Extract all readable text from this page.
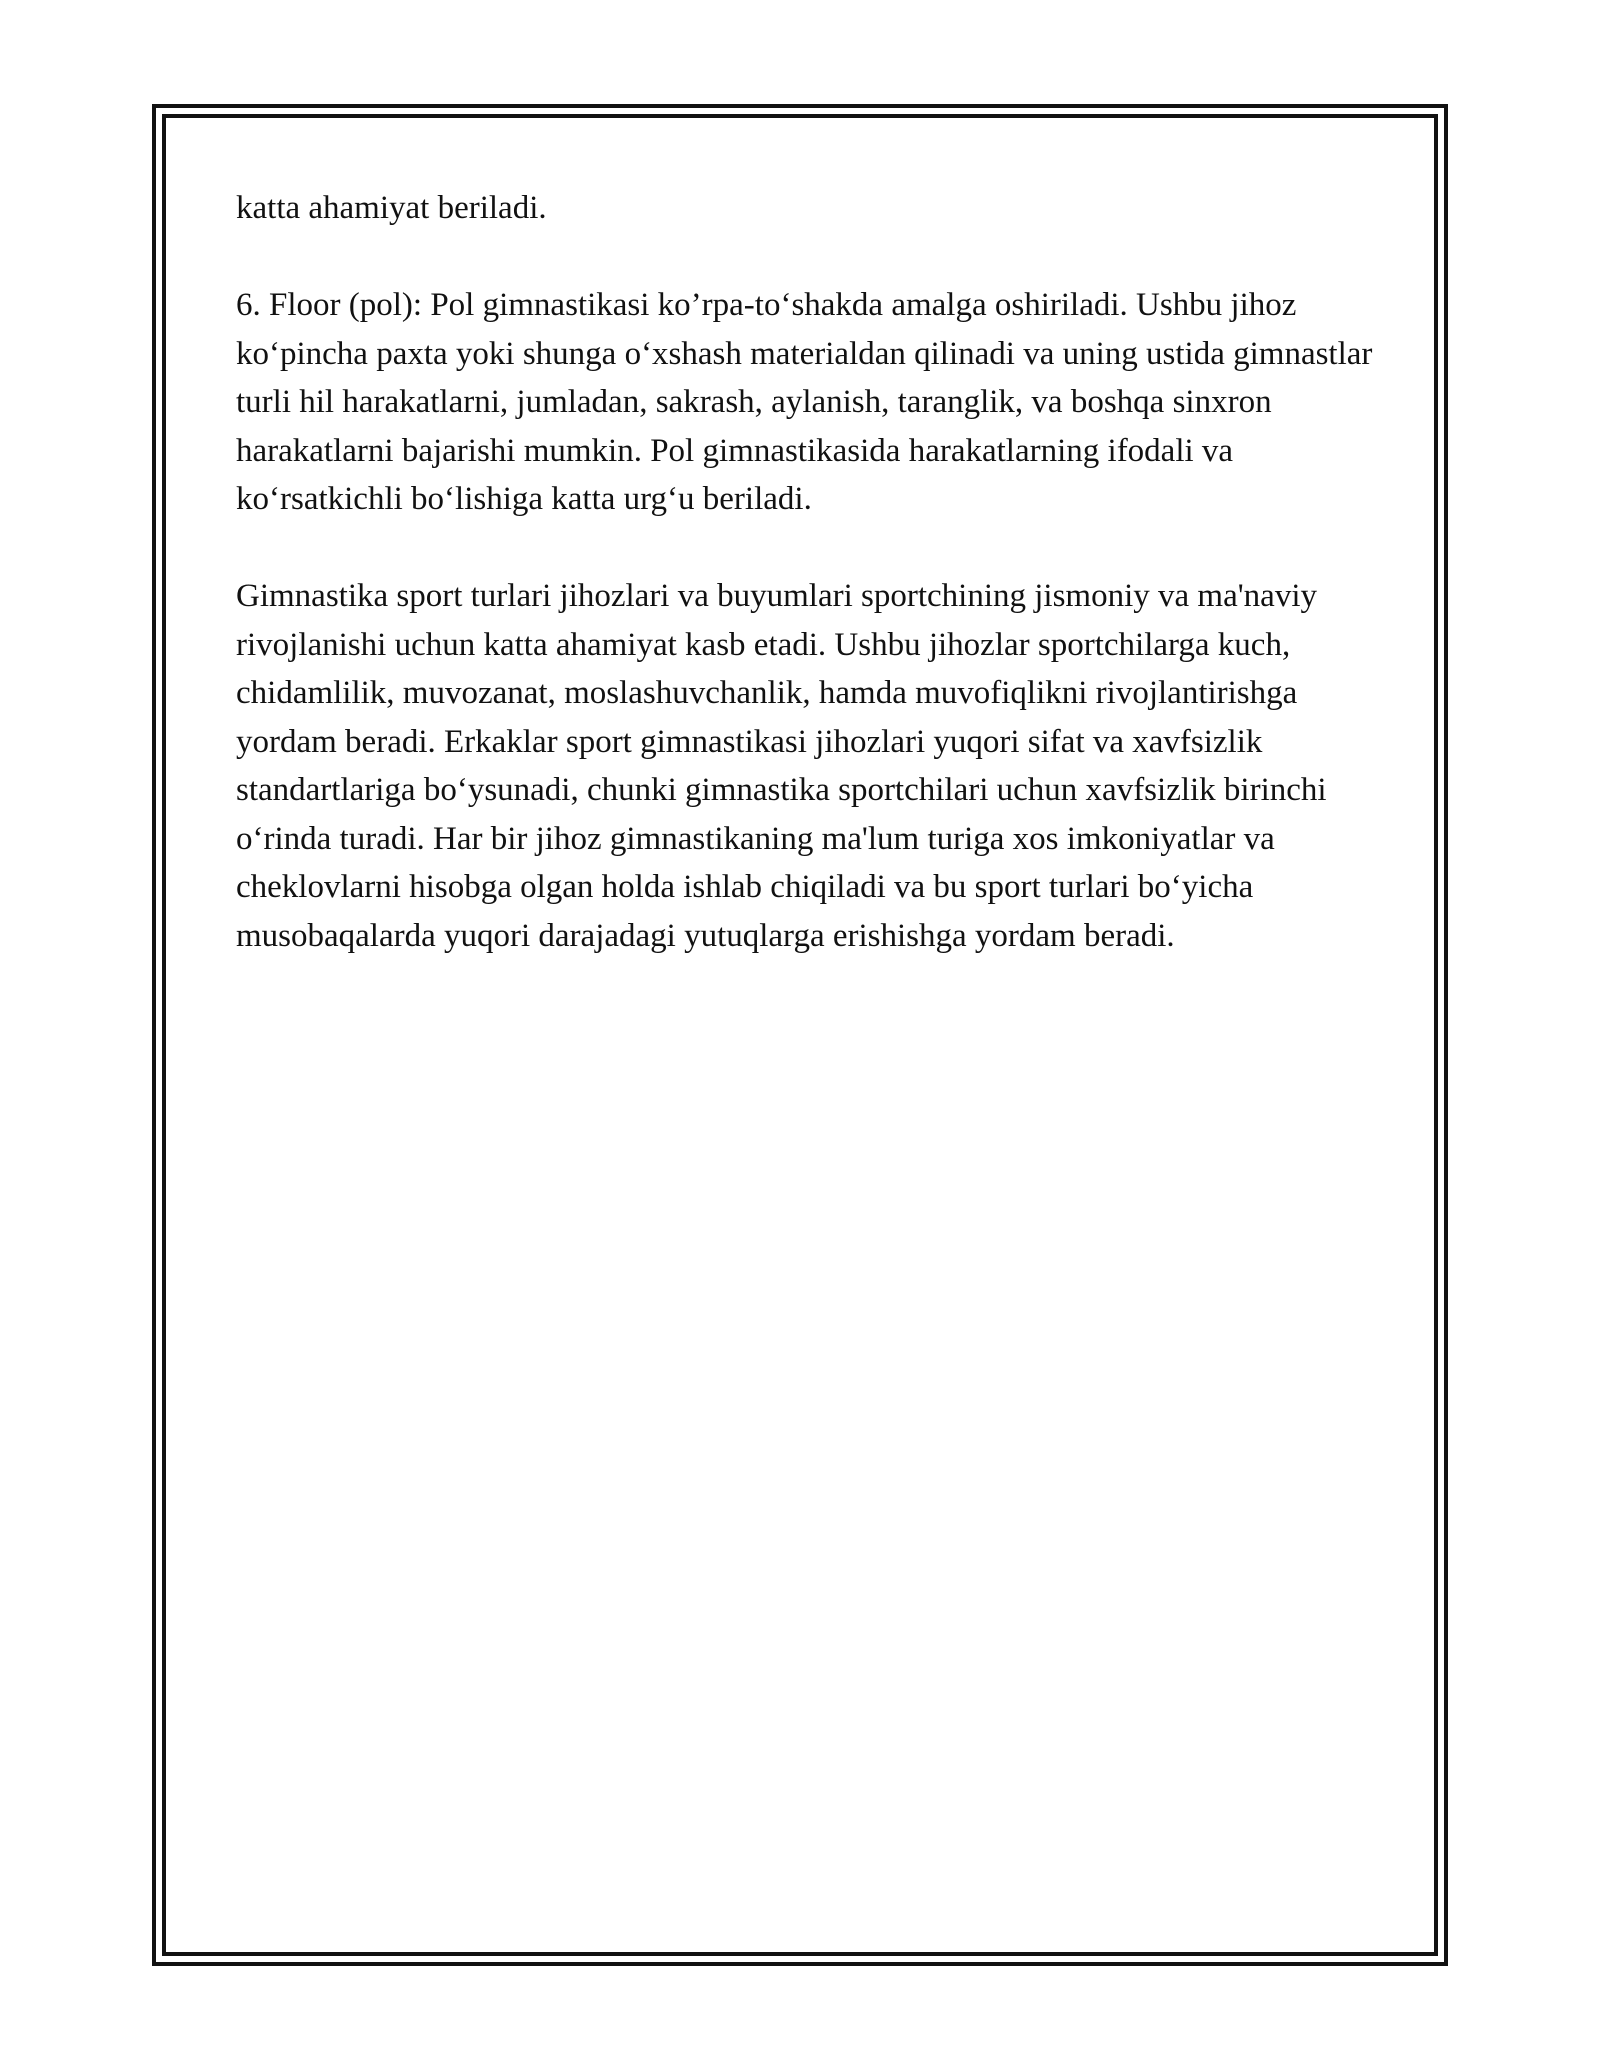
katta ahamiyat beriladi.

6. Floor (pol): Pol gimnastikasi ko’rpa-to‘shakda amalga oshiriladi. Ushbu jihoz ko‘pincha paxta yoki shunga o‘xshash materialdan qilinadi va uning ustida gimnastlar turli hil harakatlarni, jumladan, sakrash, aylanish, taranglik, va boshqa sinxron harakatlarni bajarishi mumkin. Pol gimnastikasida harakatlarning ifodali va ko‘rsatkichli bo‘lishiga katta urg‘u beriladi.

Gimnastika sport turlari jihozlari va buyumlari sportchining jismoniy va ma'naviy rivojlanishi uchun katta ahamiyat kasb etadi. Ushbu jihozlar sportchilarga kuch, chidamlilik, muvozanat, moslashuvchanlik, hamda muvofiqlikni rivojlantirishga yordam beradi. Erkaklar sport gimnastikasi jihozlari yuqori sifat va xavfsizlik standartlariga bo‘ysunadi, chunki gimnastika sportchilari uchun xavfsizlik birinchi o‘rinda turadi. Har bir jihoz gimnastikaning ma'lum turiga xos imkoniyatlar va cheklovlarni hisobga olgan holda ishlab chiqiladi va bu sport turlari bo‘yicha musobaqalarda yuqori darajadagi yutuqlarga erishishga yordam beradi.
